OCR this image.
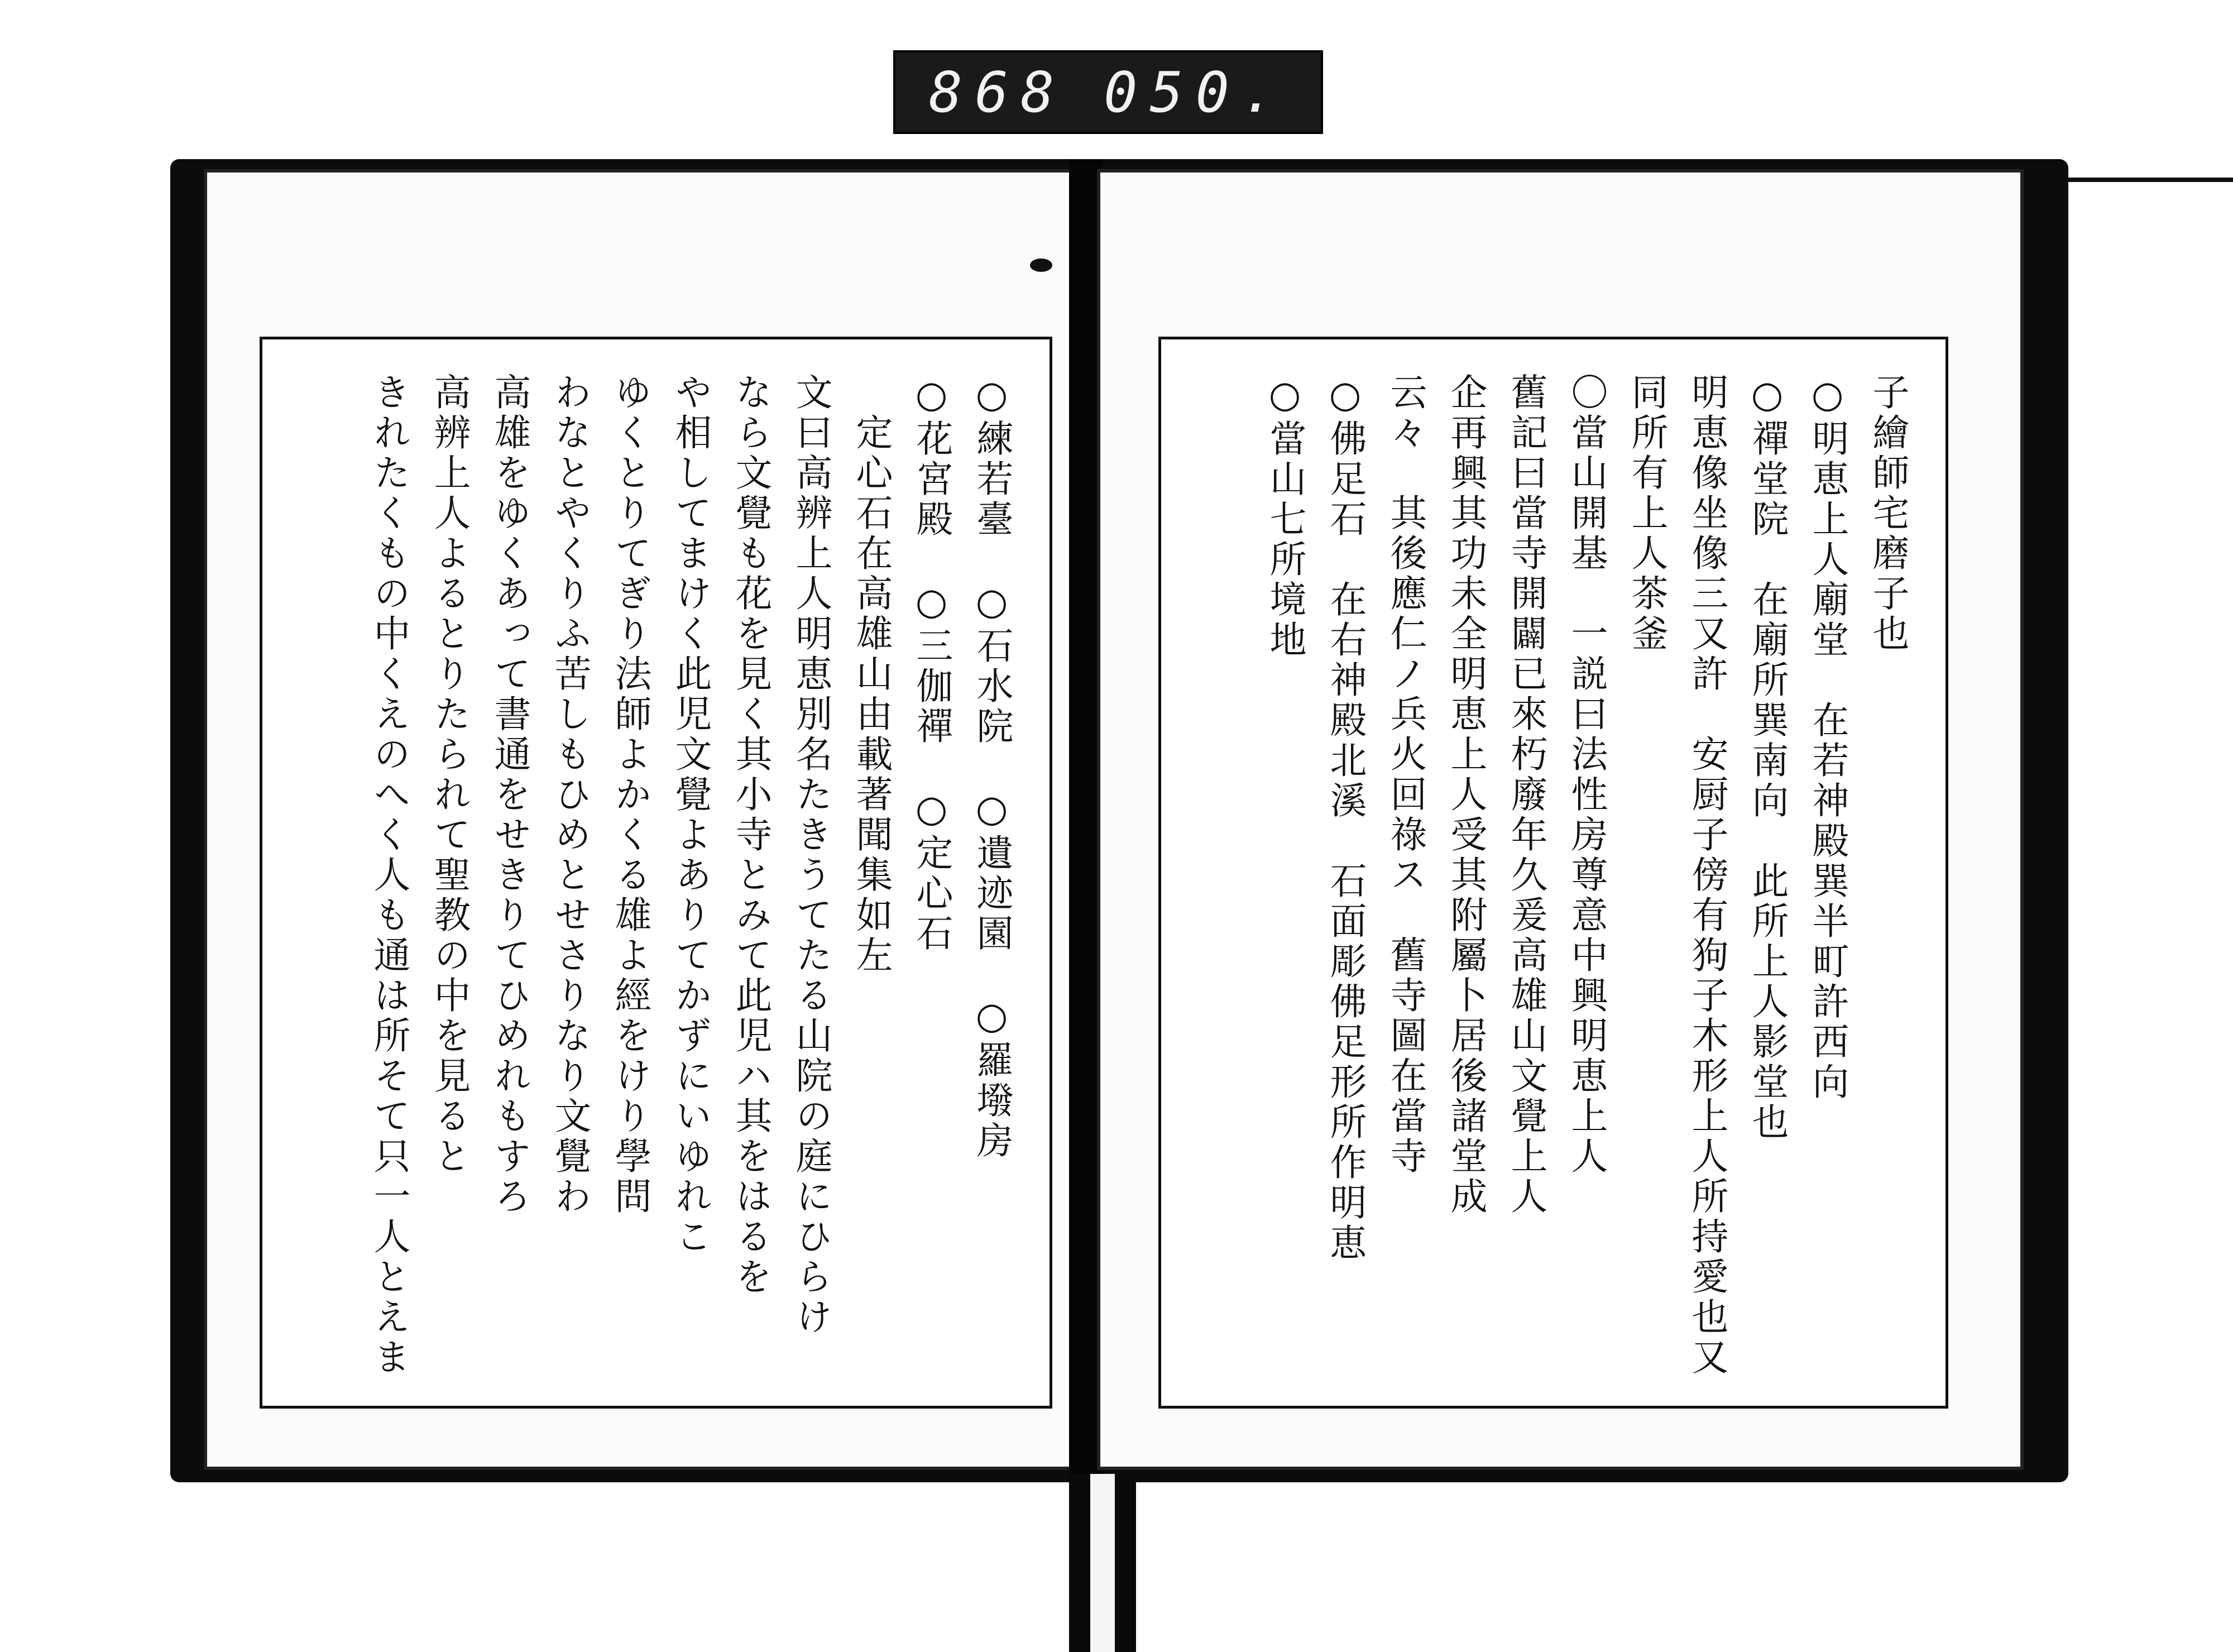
868 050.
○練若臺　○石水院　○遺迹園　○羅墢房
○花宮殿　○三伽禪　○定心石
　定心石在高雄山由載著聞集如左
文曰高辨上人明恵別名たきうてたる山院の庭にひらけ
なら文覺も花を見く其小寺とみて此児ハ其をはるを
や相してまけく此児文覺よありてかずにいゆれこ
ゆくとりてぎり法師よかくる雄よ經をけり學問
わなとやくりふ苦しもひめとせさりなり文覺わ
高雄をゆくあって書通をせきりてひめれもすろ
高辨上人よるとりたられて聖教の中を見ると
きれたくもの中くえのへく人も通は所そて只一人とえま	子繪師宅磨子也
○明恵上人廟堂　在若神殿巽半町許西向
○禪堂院　在廟所巽南向　此所上人影堂也
明恵像坐像三又許　安厨子傍有狗子木形上人所持愛也又
同所有上人茶釜
〇當山開基　一説曰法性房尊意中興明恵上人
舊記曰當寺開闢已來朽廢年久爰高雄山文覺上人
企再興其功未全明恵上人受其附屬卜居後諸堂成
云々　其後應仁ノ兵火回祿ス　舊寺圖在當寺
○佛足石　在右神殿北溪　石面彫佛足形所作明恵
○當山七所境地
